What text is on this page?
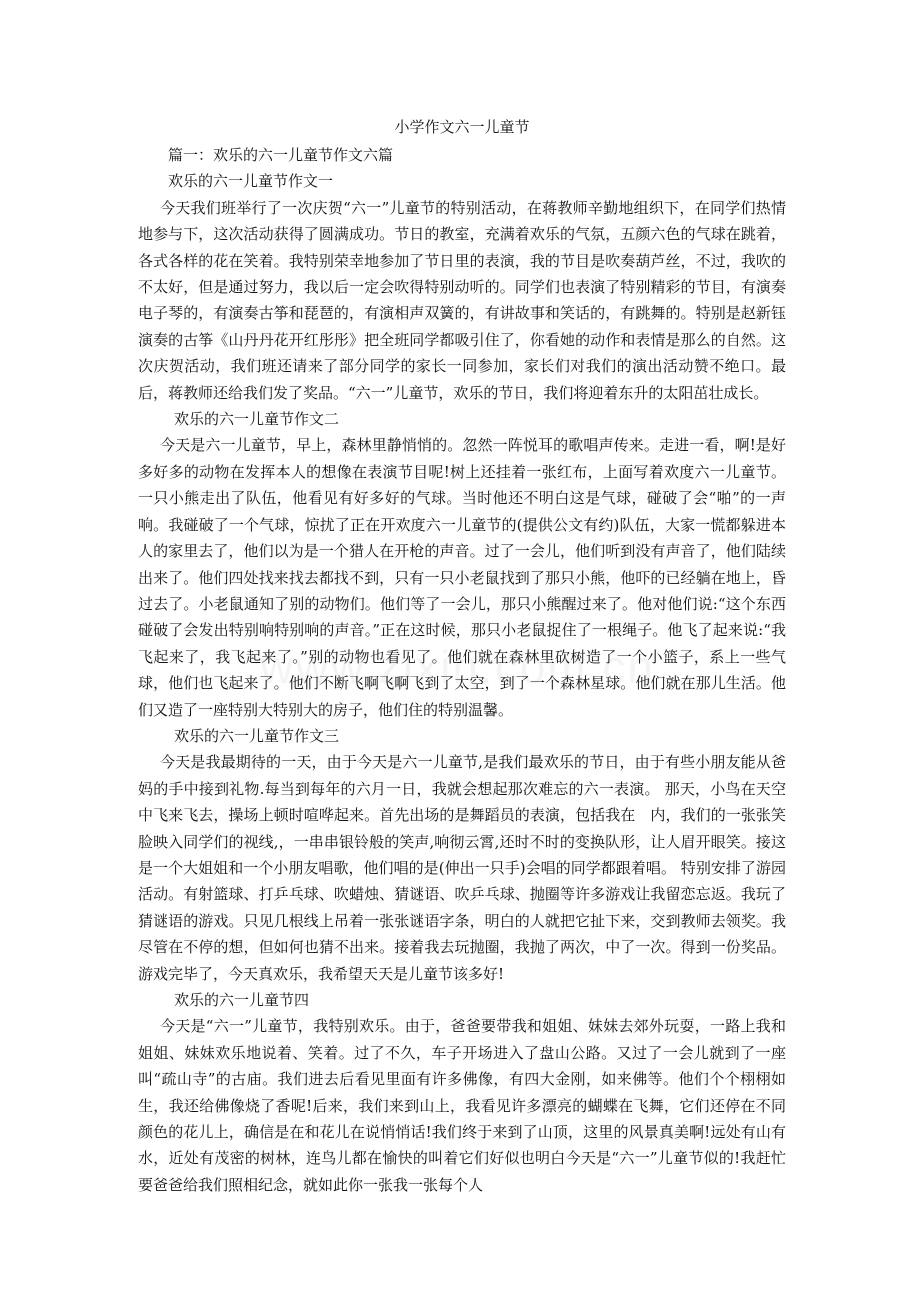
小学作文六一儿童节

篇一：欢乐的六一儿童节作文六篇

欢乐的六一儿童节作文一

今天我们班举行了一次庆贺“六一”儿童节的特别活动，在蒋教师辛勤地组织下，在同学们热情地参与下，这次活动获得了圆满成功。节日的教室，充满着欢乐的气氛，五颜六色的气球在跳着，各式各样的花在笑着。我特别荣幸地参加了节日里的表演，我的节目是吹奏葫芦丝，不过，我吹的不太好，但是通过努力，我以后一定会吹得特别动听的。同学们也表演了特别精彩的节目，有演奏电子琴的，有演奏古筝和琵琶的，有演相声双簧的，有讲故事和笑话的，有跳舞的。特别是赵新钰演奏的古筝《山丹丹花开红彤彤》把全班同学都吸引住了，你看她的动作和表情是那么的自然。这次庆贺活动，我们班还请来了部分同学的家长一同参加，家长们对我们的演出活动赞不绝口。最后，蒋教师还给我们发了奖品。“六一”儿童节，欢乐的节日，我们将迎着东升的太阳茁壮成长。

欢乐的六一儿童节作文二

今天是六一儿童节，早上，森林里静悄悄的。忽然一阵悦耳的歌唱声传来。走进一看，啊!是好多好多的动物在发挥本人的想像在表演节目呢!树上还挂着一张红布，上面写着欢度六一儿童节。一只小熊走出了队伍，他看见有好多好的气球。当时他还不明白这是气球，碰破了会“啪”的一声响。我碰破了一个气球，惊扰了正在开欢度六一儿童节的(提供公文有约)队伍，大家一慌都躲进本人的家里去了，他们以为是一个猎人在开枪的声音。过了一会儿，他们听到没有声音了，他们陆续出来了。他们四处找来找去都找不到，只有一只小老鼠找到了那只小熊，他吓的已经躺在地上，昏过去了。小老鼠通知了别的动物们。他们等了一会儿，那只小熊醒过来了。他对他们说:“这个东西碰破了会发出特别响特别响的声音。”正在这时候，那只小老鼠捉住了一根绳子。他飞了起来说:“我飞起来了，我飞起来了。”别的动物也看见了。他们就在森林里砍树造了一个小篮子，系上一些气球，他们也飞起来了。他们不断飞啊飞啊飞到了太空，到了一个森林星球。他们就在那儿生活。他们又造了一座特别大特别大的房子，他们住的特别温馨。

欢乐的六一儿童节作文三

今天是我最期待的一天，由于今天是六一儿童节,是我们最欢乐的节日，由于有些小朋友能从爸妈的手中接到礼物.每当到每年的六月一日，我就会想起那次难忘的六一表演。 那天，小鸟在天空中飞来飞去，操场上顿时喧哗起来。首先出场的是舞蹈员的表演，包括我在　内，我们的一张张笑脸映入同学们的视线,，一串串银铃般的笑声,响彻云霄,还时不时的变换队形，让人眉开眼笑。接这是一个大姐姐和一个小朋友唱歌，他们唱的是(伸出一只手)会唱的同学都跟着唱。 特别安排了游园活动。有射篮球、打乒乓球、吹蜡烛、猜谜语、吹乒乓球、抛圈等许多游戏让我留恋忘返。我玩了猜谜语的游戏。只见几根线上吊着一张张谜语字条，明白的人就把它扯下来，交到教师去领奖。我尽管在不停的想，但如何也猜不出来。接着我去玩抛圈，我抛了两次，中了一次。得到一份奖品。游戏完毕了，今天真欢乐，我希望天天是儿童节该多好!

欢乐的六一儿童节四

今天是“六一”儿童节，我特别欢乐。由于，爸爸要带我和姐姐、妹妹去郊外玩耍，一路上我和姐姐、妹妹欢乐地说着、笑着。过了不久，车子开场进入了盘山公路。又过了一会儿就到了一座叫“疏山寺”的古庙。我们进去后看见里面有许多佛像，有四大金刚，如来佛等。他们个个栩栩如生，我还给佛像烧了香呢!后来，我们来到山上，我看见许多漂亮的蝴蝶在飞舞，它们还停在不同颜色的花儿上，确信是在和花儿在说悄悄话!我们终于来到了山顶，这里的风景真美啊!远处有山有水，近处有茂密的树林，连鸟儿都在愉快的叫着它们好似也明白今天是“六一”儿童节似的!我赶忙要爸爸给我们照相纪念，就如此你一张我一张每个人
